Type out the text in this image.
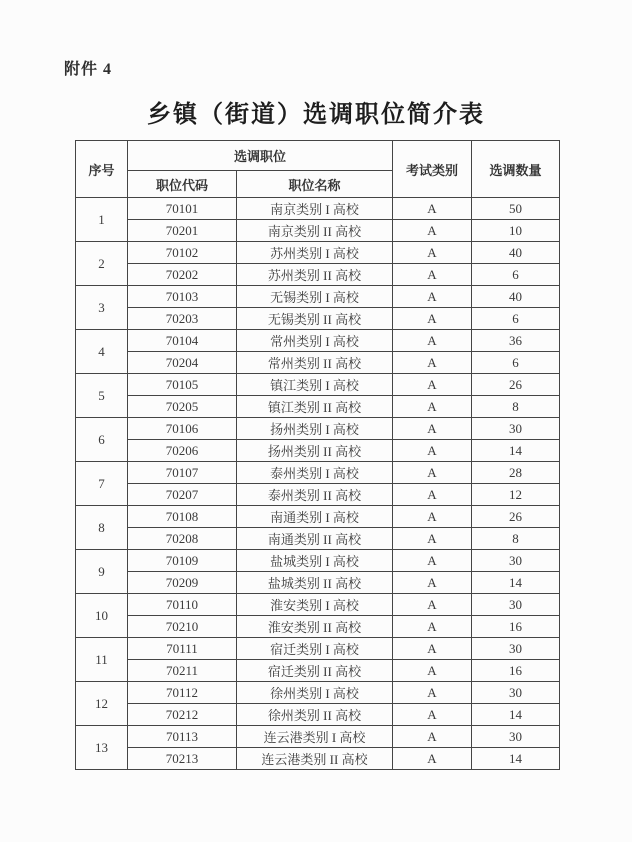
附件 4
乡镇（街道）选调职位简介表
序号	选调职位		考试类别	选调数量
	职位代码	职位名称		
1	70101	南京类别 I 高校	A	50
	70201	南京类别 II 高校	A	10
2	70102	苏州类别 I 高校	A	40
	70202	苏州类别 II 高校	A	6
3	70103	无锡类别 I 高校	A	40
	70203	无锡类别 II 高校	A	6
4	70104	常州类别 I 高校	A	36
	70204	常州类别 II 高校	A	6
5	70105	镇江类别 I 高校	A	26
	70205	镇江类别 II 高校	A	8
6	70106	扬州类别 I 高校	A	30
	70206	扬州类别 II 高校	A	14
7	70107	泰州类别 I 高校	A	28
	70207	泰州类别 II 高校	A	12
8	70108	南通类别 I 高校	A	26
	70208	南通类别 II 高校	A	8
9	70109	盐城类别 I 高校	A	30
	70209	盐城类别 II 高校	A	14
10	70110	淮安类别 I 高校	A	30
	70210	淮安类别 II 高校	A	16
11	70111	宿迁类别 I 高校	A	30
	70211	宿迁类别 II 高校	A	16
12	70112	徐州类别 I 高校	A	30
	70212	徐州类别 II 高校	A	14
13	70113	连云港类别 I 高校	A	30
	70213	连云港类别 II 高校	A	14
